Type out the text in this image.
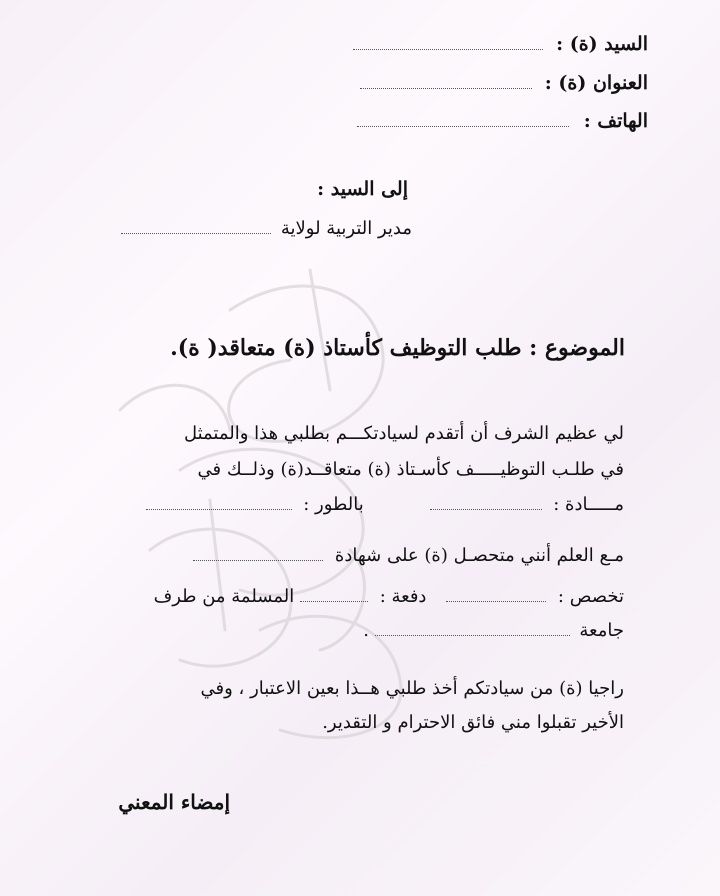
السيد (ة) :
العنوان (ة) :
الهاتف :
إلى السيد :
مدير التربية لولاية
الموضوع : طلب التوظيف كأستاذ (ة) متعاقد( ة).
لي عظيم الشرف أن أتقدم لسيادتكـــم بطلبي هذا والمتمثل
في طلـب التوظيـــــف كأسـتاذ (ة) متعاقــد(ة) وذلــك في
مـــــادة :  بالطور :
مـع العلم أنني متحصـل (ة) على شهادة
تخصص :  دفعة :  المسلمة من طرف
جامعة  .
راجيا (ة) من سيادتكم أخذ طلبي هــذا بعين الاعتبار ، وفي
الأخير تقبلوا مني فائق الاحترام و التقدير.
إمضاء المعني
